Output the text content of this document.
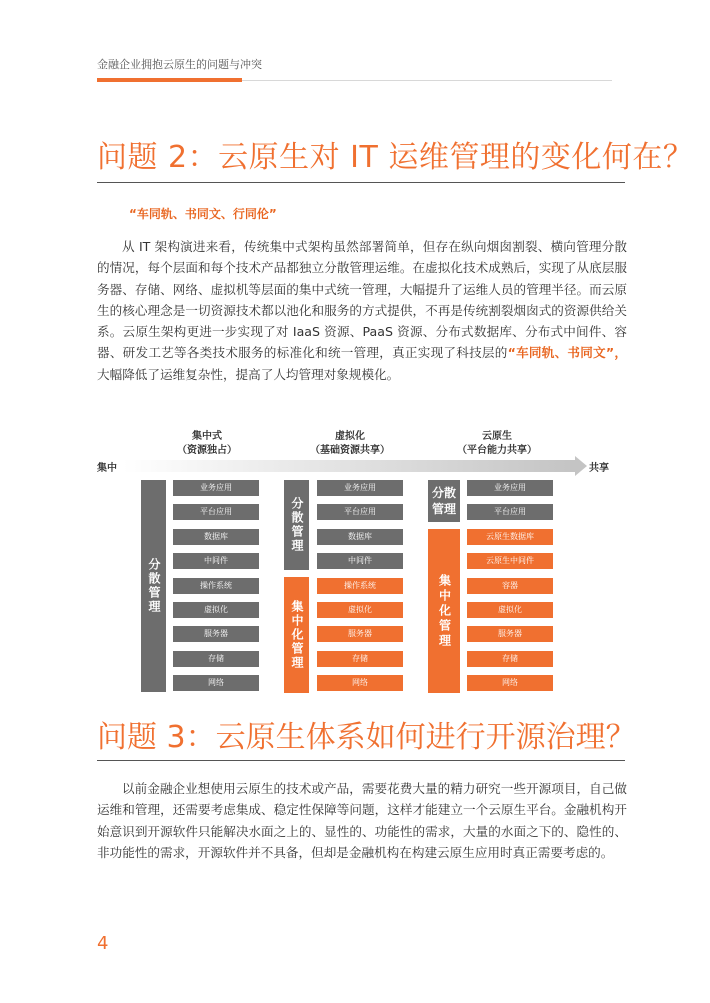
金融企业拥抱云原生的问题与冲突
问题 2：云原生对 IT 运维管理的变化何在？
“车同轨、书同文、行同伦”

从 IT 架构演进来看，传统集中式架构虽然部署简单，但存在纵向烟囱割裂、横向管理分散的情况，每个层面和每个技术产品都独立分散管理运维。在虚拟化技术成熟后，实现了从底层服务器、存储、网络、虚拟机等层面的集中式统一管理，大幅提升了运维人员的管理半径。而云原生的核心理念是一切资源技术都以池化和服务的方式提供，不再是传统割裂烟囱式的资源供给关系。云原生架构更进一步实现了对 IaaS 资源、PaaS 资源、分布式数据库、分布式中间件、容器、研发工艺等各类技术服务的标准化和统一管理，真正实现了科技层的“车同轨、书同文”，大幅降低了运维复杂性，提高了人均管理对象规模化。

集中式
（资源独占）
虚拟化
（基础资源共享）
云原生
（平台能力共享）
集中	共享
分散管理
业务应用
平台应用
数据库
中间件
操作系统
虚拟化
服务器
存储
网络
分散管理
集中化管理
业务应用
平台应用
数据库
中间件
操作系统
虚拟化
服务器
存储
网络
分散管理
集中化管理
业务应用
平台应用
云原生数据库
云原生中间件
容器
虚拟化
服务器
存储
网络
问题 3：云原生体系如何进行开源治理？

以前金融企业想使用云原生的技术或产品，需要花费大量的精力研究一些开源项目，自己做运维和管理，还需要考虑集成、稳定性保障等问题，这样才能建立一个云原生平台。金融机构开始意识到开源软件只能解决水面之上的、显性的、功能性的需求，大量的水面之下的、隐性的、非功能性的需求，开源软件并不具备，但却是金融机构在构建云原生应用时真正需要考虑的。

4
